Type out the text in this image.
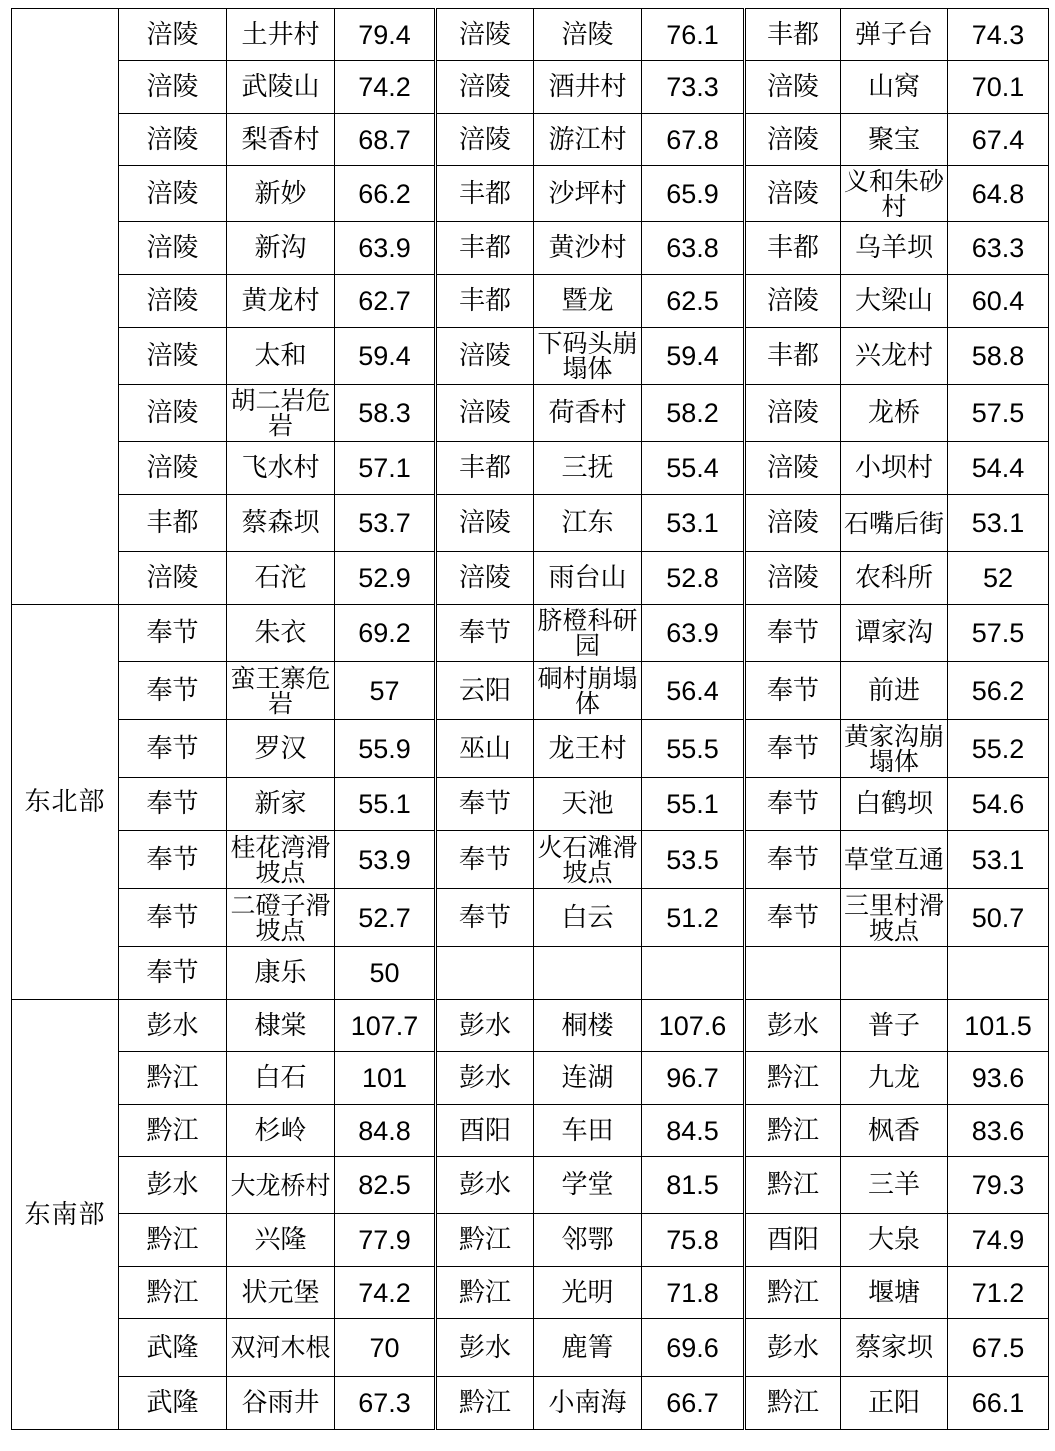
	涪陵	土井村	79.4	涪陵	涪陵	76.1	丰都	弹子台	74.3
	涪陵	武陵山	74.2	涪陵	酒井村	73.3	涪陵	山窝	70.1
	涪陵	梨香村	68.7	涪陵	游江村	67.8	涪陵	聚宝	67.4
	涪陵	新妙	66.2	丰都	沙坪村	65.9	涪陵	义和朱砂村	64.8
	涪陵	新沟	63.9	丰都	黄沙村	63.8	丰都	乌羊坝	63.3
	涪陵	黄龙村	62.7	丰都	暨龙	62.5	涪陵	大梁山	60.4
	涪陵	太和	59.4	涪陵	下码头崩塌体	59.4	丰都	兴龙村	58.8
	涪陵	胡二岩危岩	58.3	涪陵	荷香村	58.2	涪陵	龙桥	57.5
	涪陵	飞水村	57.1	丰都	三抚	55.4	涪陵	小坝村	54.4
	丰都	蔡森坝	53.7	涪陵	江东	53.1	涪陵	石嘴后街	53.1
	涪陵	石沱	52.9	涪陵	雨台山	52.8	涪陵	农科所	52
东北部	奉节	朱衣	69.2	奉节	脐橙科研园	63.9	奉节	谭家沟	57.5
	奉节	蛮王寨危岩	57	云阳	硐村崩塌体	56.4	奉节	前进	56.2
	奉节	罗汉	55.9	巫山	龙王村	55.5	奉节	黄家沟崩塌体	55.2
	奉节	新家	55.1	奉节	天池	55.1	奉节	白鹤坝	54.6
	奉节	桂花湾滑坡点	53.9	奉节	火石滩滑坡点	53.5	奉节	草堂互通	53.1
	奉节	二磴子滑坡点	52.7	奉节	白云	51.2	奉节	三里村滑坡点	50.7
	奉节	康乐	50						
东南部	彭水	棣棠	107.7	彭水	桐楼	107.6	彭水	普子	101.5
	黔江	白石	101	彭水	连湖	96.7	黔江	九龙	93.6
	黔江	杉岭	84.8	酉阳	车田	84.5	黔江	枫香	83.6
	彭水	大龙桥村	82.5	彭水	学堂	81.5	黔江	三羊	79.3
	黔江	兴隆	77.9	黔江	邻鄂	75.8	酉阳	大泉	74.9
	黔江	状元堡	74.2	黔江	光明	71.8	黔江	堰塘	71.2
	武隆	双河木根	70	彭水	鹿箐	69.6	彭水	蔡家坝	67.5
	武隆	谷雨井	67.3	黔江	小南海	66.7	黔江	正阳	66.1
